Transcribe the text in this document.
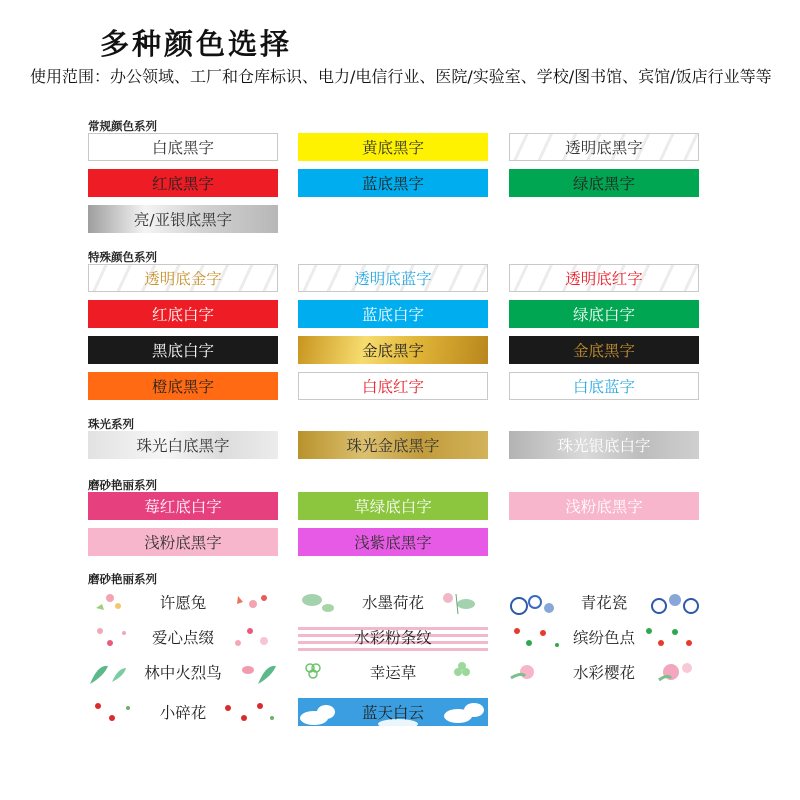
多种颜色选择

使用范围：办公领域、工厂和仓库标识、电力/电信行业、医院/实验室、学校/图书馆、宾馆/饭店行业等等

常规颜色系列
白底黑字	黄底黑字	透明底黑字
红底黑字	蓝底黑字	绿底黑字
亮/亚银底黑字
特殊颜色系列
透明底金字	透明底蓝字	透明底红字
红底白字	蓝底白字	绿底白字
黑底白字	金底黑字	金底黑字
橙底黑字	白底红字	白底蓝字
珠光系列
珠光白底黑字	珠光金底黑字	珠光银底白字
磨砂艳丽系列
莓红底白字	草绿底白字	浅粉底黑字
浅粉底黑字	浅紫底黑字
磨砂艳丽系列
许愿兔	水墨荷花	青花瓷
爱心点缀	水彩粉条纹	缤纷色点
林中火烈鸟	幸运草	水彩樱花
小碎花	蓝天白云
